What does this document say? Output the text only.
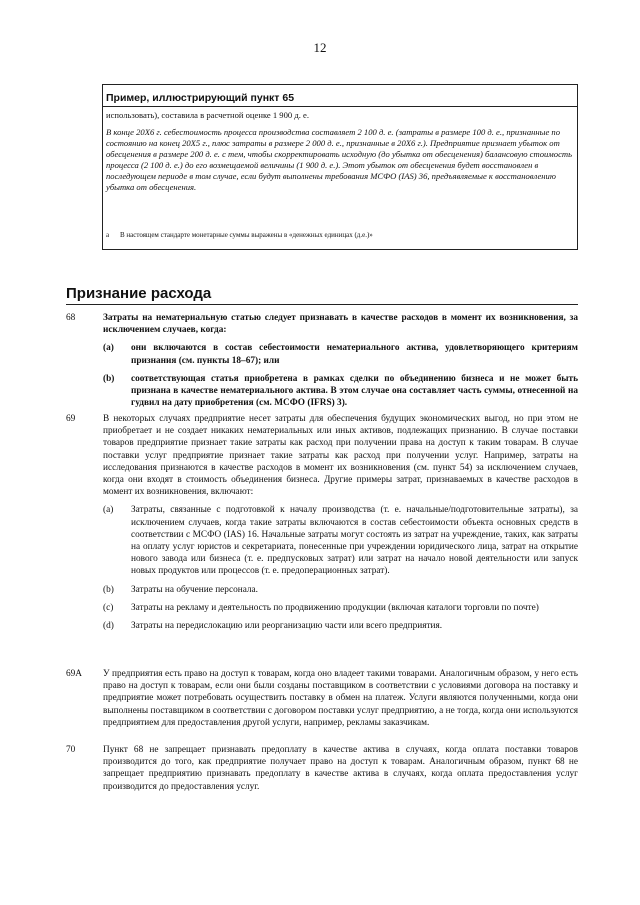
12
Пример, иллюстрирующий пункт 65

использовать), составила в расчетной оценке 1 900 д. е.

В конце 20Х6 г. себестоимость процесса производства составляет 2 100 д. е. (затраты в размере 100 д. е., признанные по состоянию на конец 20Х5 г., плюс затраты в размере 2 000 д. е., признанные в 20Х6 г.). Предприятие признает убыток от обесценения в размере 200 д. е. с тем, чтобы скорректировать исходную (до убытка от обесценения) балансовую стоимость процесса (2 100 д. е.) до его возмещаемой величины (1 900 д. е.). Этот убыток от обесценения будет восстановлен в последующем периоде в том случае, если будут выполнены требования МСФО (IAS) 36, предъявляемые к восстановлению убытка от обесценения.

а В настоящем стандарте монетарные суммы выражены в «денежных единицах (д.е.)»
Признание расхода
68	Затраты на нематериальную статью следует признавать в качестве расходов в момент их возникновения, за исключением случаев, когда:
(a) они включаются в состав себестоимости нематериального актива, удовлетворяющего критериям признания (см. пункты 18–67); или
(b) соответствующая статья приобретена в рамках сделки по объединению бизнеса и не может быть признана в качестве нематериального актива. В этом случае она составляет часть суммы, отнесенной на гудвил на дату приобретения (см. МСФО (IFRS) 3).
69	В некоторых случаях предприятие несет затраты для обеспечения будущих экономических выгод, но при этом не приобретает и не создает никаких нематериальных или иных активов, подлежащих признанию. В случае поставки товаров предприятие признает такие затраты как расход при получении права на доступ к таким товарам. В случае поставки услуг предприятие признает такие затраты как расход при получении услуг. Например, затраты на исследования признаются в качестве расходов в момент их возникновения (см. пункт 54) за исключением случаев, когда они входят в стоимость объединения бизнеса. Другие примеры затрат, признаваемых в качестве расходов в момент их возникновения, включают:
(a) Затраты, связанные с подготовкой к началу производства (т. е. начальные/подготовительные затраты), за исключением случаев, когда такие затраты включаются в состав себестоимости объекта основных средств в соответствии с МСФО (IAS) 16. Начальные затраты могут состоять из затрат на учреждение, таких, как затраты на оплату услуг юристов и секретариата, понесенные при учреждении юридического лица, затрат на открытие нового завода или бизнеса (т. е. предпусковых затрат) или затрат на начало новой деятельности или запуск новых продуктов или процессов (т. е. предоперационных затрат).
(b) Затраты на обучение персонала.
(c) Затраты на рекламу и деятельность по продвижению продукции (включая каталоги торговли по почте)
(d) Затраты на передислокацию или реорганизацию части или всего предприятия.
69А У предприятия есть право на доступ к товарам, когда оно владеет такими товарами. Аналогичным образом, у него есть право на доступ к товарам, если они были созданы поставщиком в соответствии с условиями договора на поставку и предприятие может потребовать осуществить поставку в обмен на платеж. Услуги являются полученными, когда они выполнены поставщиком в соответствии с договором поставки услуг предприятию, а не тогда, когда они используются предприятием для предоставления другой услуги, например, рекламы заказчикам.
70	Пункт 68 не запрещает признавать предоплату в качестве актива в случаях, когда оплата поставки товаров производится до того, как предприятие получает право на доступ к товарам. Аналогичным образом, пункт 68 не запрещает предприятию признавать предоплату в качестве актива в случаях, когда оплата предоставления услуг производится до предоставления услуг.
